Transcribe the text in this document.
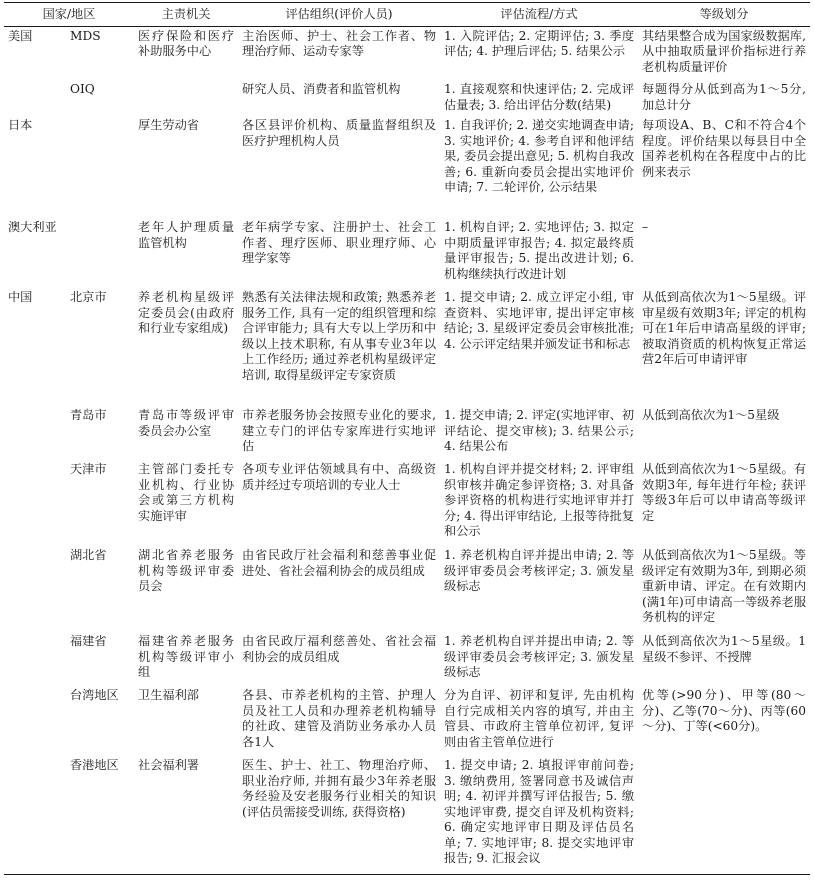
国家/地区		主责机关	评估组织(评价人员)	评估流程/方式	等级划分
美国	MDS	医疗保险和医疗补助服务中心	主治医师、护士、社会工作者、物理治疗师、运动专家等	1. 入院评估; 2. 定期评估; 3. 季度评估; 4. 护理后评估; 5. 结果公示	其结果整合成为国家级数据库, 从中抽取质量评价指标进行养老机构质量评价
	OIQ		研究人员、消费者和监管机构	1. 直接观察和快速评估; 2. 完成评估量表; 3. 给出评估分数(结果)	每题得分从低到高为1～5分, 加总计分
日本		厚生劳动省	各区县评价机构、质量监督组织及医疗护理机构人员	1. 自我评价; 2. 递交实地调查申请; 3. 实地评价; 4. 参考自评和他评结果, 委员会提出意见; 5. 机构自我改善; 6. 重新向委员会提出实地评价申请; 7. 二轮评价, 公示结果	每项设A、B、C和不符合4个程度。评价结果以每县目中全国养老机构在各程度中占的比例来表示
澳大利亚		老年人护理质量监管机构	老年病学专家、注册护士、社会工作者、理疗医师、职业理疗师、心理学家等	1. 机构自评; 2. 实地评估; 3. 拟定中期质量评审报告; 4. 拟定最终质量评审报告; 5. 提出改进计划; 6. 机构继续执行改进计划	–
中国	北京市	养老机构星级评定委员会(由政府和行业专家组成)	熟悉有关法律法规和政策; 熟悉养老服务工作, 具有一定的组织管理和综合评审能力; 具有大专以上学历和中级以上技术职称, 有从事专业3年以上工作经历; 通过养老机构星级评定培训, 取得星级评定专家资质	1. 提交申请; 2. 成立评定小组, 审查资料、实地评审, 提出评定审核结论; 3. 星级评定委员会审核批准; 4. 公示评定结果并颁发证书和标志	从低到高依次为1～5星级。评审星级有效期3年; 评定的机构可在1年后申请高星级的评审; 被取消资质的机构恢复正常运营2年后可申请评审
	青岛市	青岛市等级评审委员会办公室	市养老服务协会按照专业化的要求, 建立专门的评估专家库进行实地评估	1. 提交申请; 2. 评定(实地评审、初评结论、提交审核); 3. 结果公示; 4. 结果公布	从低到高依次为1～5星级
	天津市	主管部门委托专业机构、行业协会或第三方机构实施评审	各项专业评估领域具有中、高级资质并经过专项培训的专业人士	1. 机构自评并提交材料; 2. 评审组织审核并确定参评资格; 3. 对具备参评资格的机构进行实地评审并打分; 4. 得出评审结论, 上报等待批复和公示	从低到高依次为1～5星级。有效期3年, 每年进行年检; 获评等级3年后可以申请高等级评定
	湖北省	湖北省养老服务机构等级评审委员会	由省民政厅社会福利和慈善事业促进处、省社会福利协会的成员组成	1. 养老机构自评并提出申请; 2. 等级评审委员会考核评定; 3. 颁发星级标志	从低到高依次为1～5星级。等级评定有效期为3年, 到期必须重新申请、评定。在有效期内(满1年)可申请高一等级养老服务机构的评定
	福建省	福建省养老服务机构等级评审小组	由省民政厅福利慈善处、省社会福利协会的成员组成	1. 养老机构自评并提出申请; 2. 等级评审委员会考核评定; 3. 颁发星级标志	从低到高依次为1～5星级。1星级不参评、不授牌
	台湾地区	卫生福利部	各县、市养老机构的主管、护理人员及社工人员和办理养老机构辅导的社政、建管及消防业务承办人员各1人	分为自评、初评和复评, 先由机构自行完成相关内容的填写, 并由主管县、市政府主管单位初评, 复评则由省主管单位进行	优等(>90分)、甲等(80～分)、乙等(70～分)、丙等(60～分)、丁等(<60分)。
	香港地区	社会福利署	医生、护士、社工、物理治疗师、职业治疗师, 并拥有最少3年养老服务经验及安老服务行业相关的知识(评估员需接受训练, 获得资格)	1. 提交申请; 2. 填报评审前问卷; 3. 缴纳费用, 签署同意书及诚信声明; 4. 初评并撰写评估报告; 5. 缴实地评审费, 提交自评及机构资料; 6. 确定实地评审日期及评估员名单; 7. 实地评审; 8. 提交实地评审报告; 9. 汇报会议	
